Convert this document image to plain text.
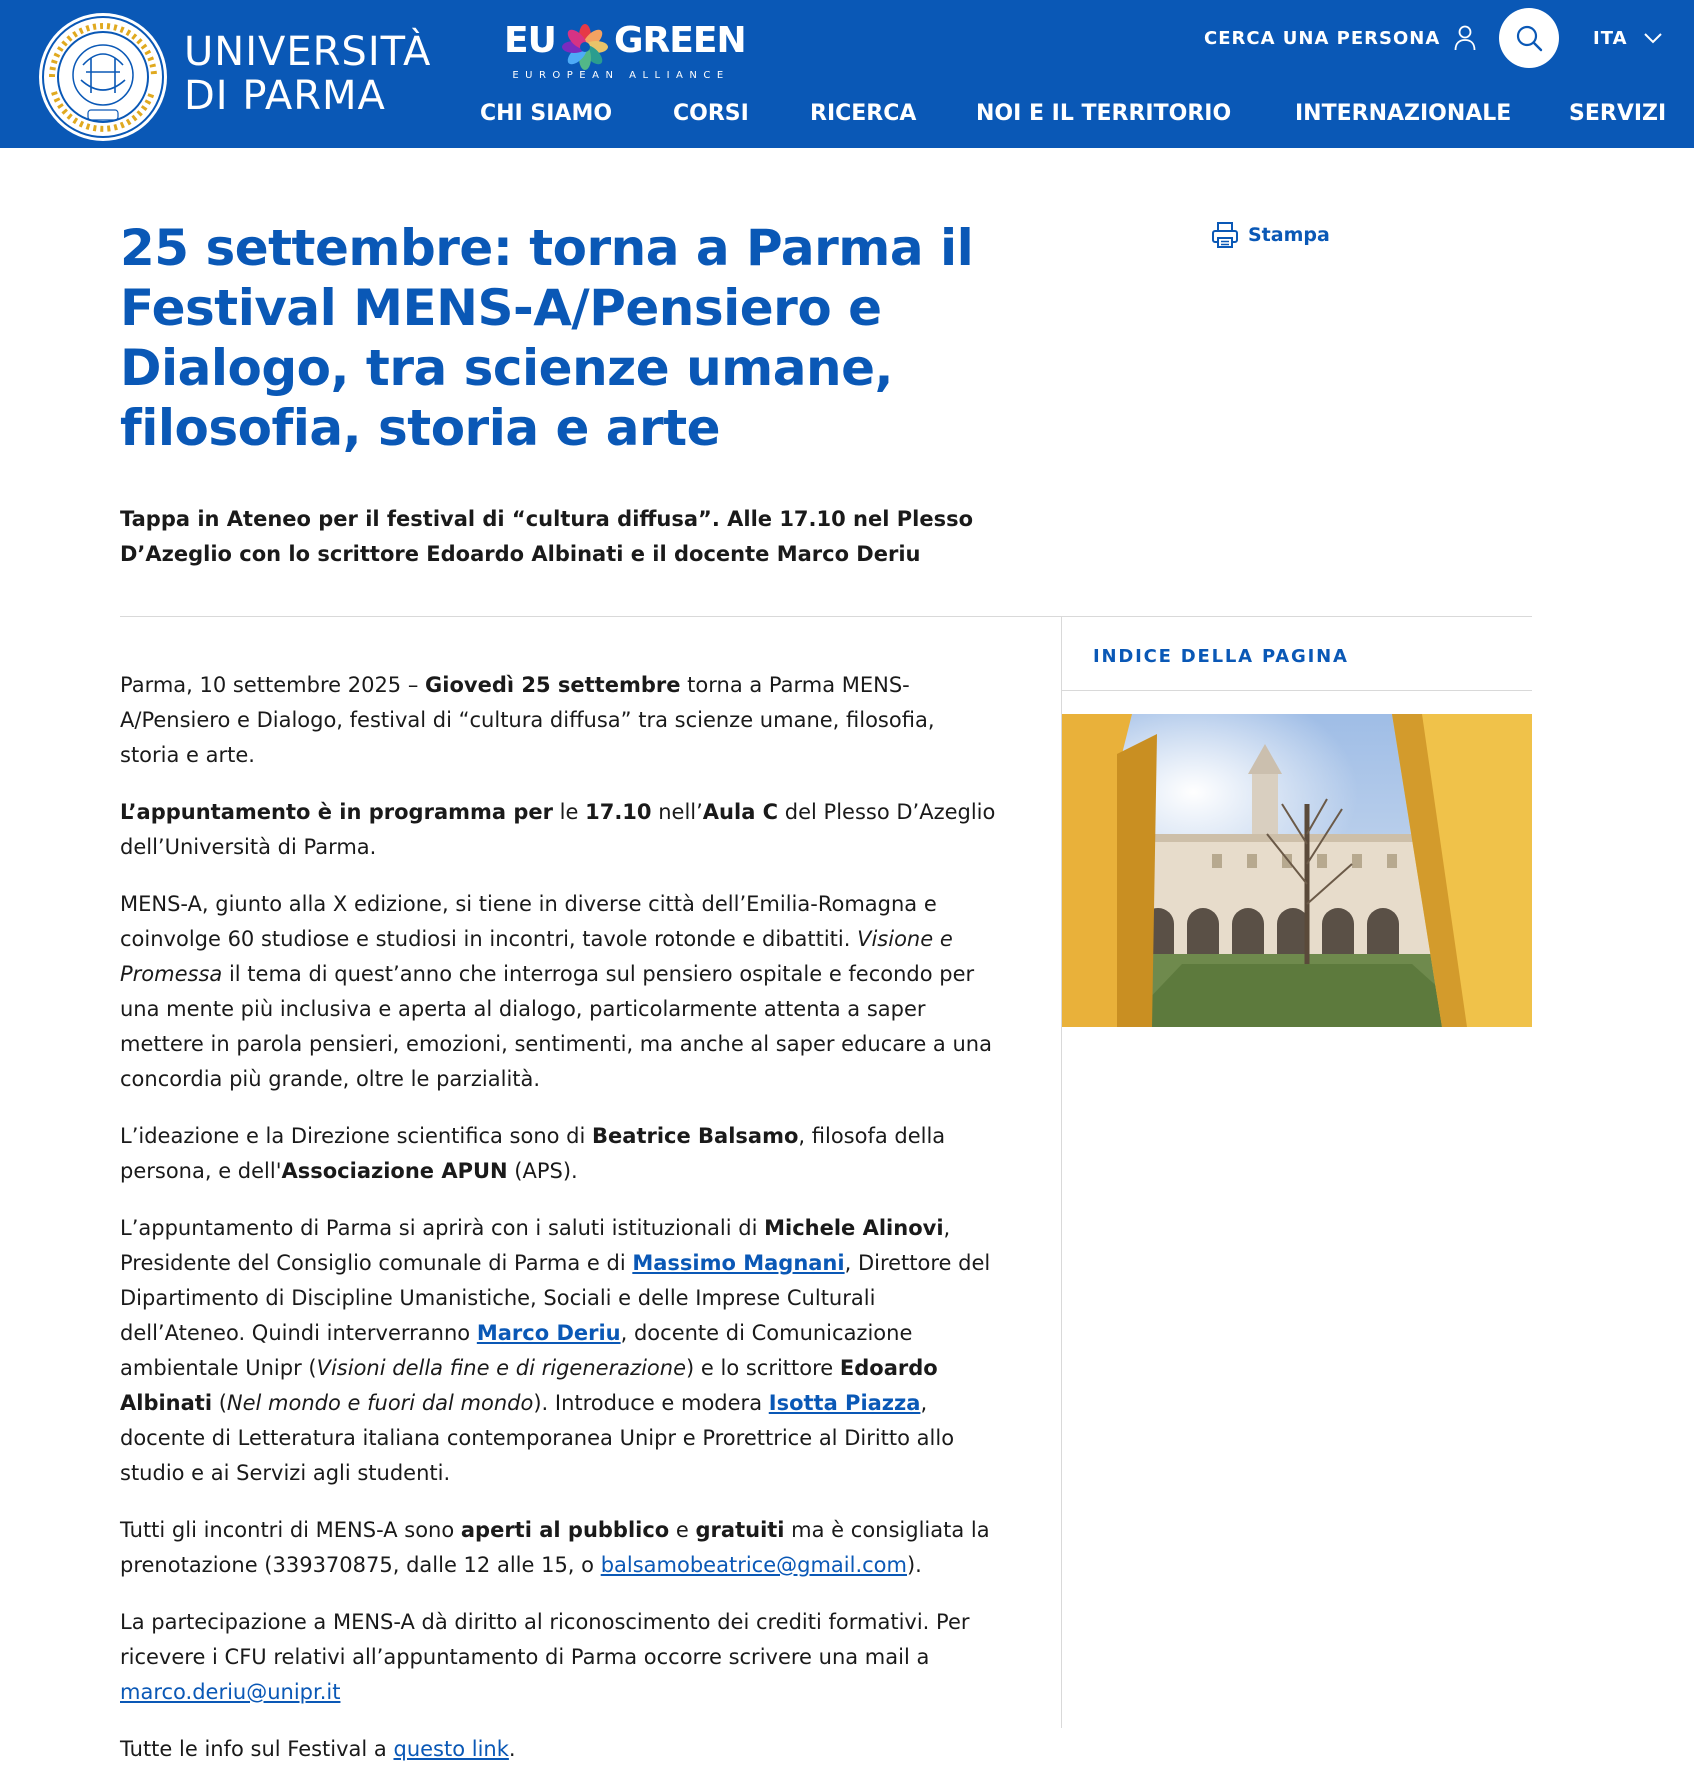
UNIVERSITÀ
DI PARMA
EU GREEN
EUROPEAN ALLIANCE
CERCA UNA PERSONA	ITA
CHI SIAMO	CORSI	RICERCA	NOI E IL TERRITORIO	INTERNAZIONALE	SERVIZI
25 settembre: torna a Parma il Festival MENS-A/Pensiero e Dialogo, tra scienze umane, filosofia, storia e arte
Stampa

Tappa in Ateneo per il festival di “cultura diffusa”. Alle 17.10 nel Plesso D’Azeglio con lo scrittore Edoardo Albinati e il docente Marco Deriu

Parma, 10 settembre 2025 – Giovedì 25 settembre torna a Parma MENS-A/Pensiero e Dialogo, festival di “cultura diffusa” tra scienze umane, filosofia, storia e arte.

L’appuntamento è in programma per le 17.10 nell’Aula C del Plesso D’Azeglio dell’Università di Parma.

MENS-A, giunto alla X edizione, si tiene in diverse città dell’Emilia-Romagna e coinvolge 60 studiose e studiosi in incontri, tavole rotonde e dibattiti. Visione e Promessa il tema di quest’anno che interroga sul pensiero ospitale e fecondo per una mente più inclusiva e aperta al dialogo, particolarmente attenta a saper mettere in parola pensieri, emozioni, sentimenti, ma anche al saper educare a una concordia più grande, oltre le parzialità.

L’ideazione e la Direzione scientifica sono di Beatrice Balsamo, filosofa della persona, e dell'Associazione APUN (APS).

L’appuntamento di Parma si aprirà con i saluti istituzionali di Michele Alinovi, Presidente del Consiglio comunale di Parma e di Massimo Magnani, Direttore del Dipartimento di Discipline Umanistiche, Sociali e delle Imprese Culturali dell’Ateneo. Quindi interverranno Marco Deriu, docente di Comunicazione ambientale Unipr (Visioni della fine e di rigenerazione) e lo scrittore Edoardo Albinati (Nel mondo e fuori dal mondo). Introduce e modera Isotta Piazza, docente di Letteratura italiana contemporanea Unipr e Prorettrice al Diritto allo studio e ai Servizi agli studenti.

Tutti gli incontri di MENS-A sono aperti al pubblico e gratuiti ma è consigliata la prenotazione (339370875, dalle 12 alle 15, o balsamobeatrice@gmail.com).

La partecipazione a MENS-A dà diritto al riconoscimento dei crediti formativi. Per ricevere i CFU relativi all’appuntamento di Parma occorre scrivere una mail a marco.deriu@unipr.it

Tutte le info sul Festival a questo link.

INDICE DELLA PAGINA
